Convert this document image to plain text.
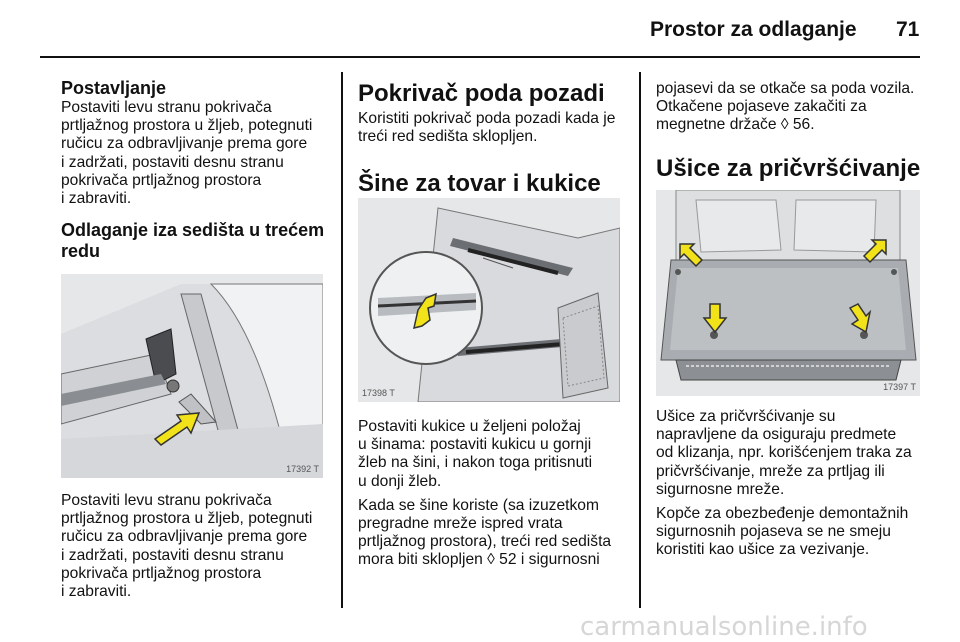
Prostor za odlaganje 71

Postavljanje

Postaviti levu stranu pokrivača
prtljažnog prostora u žljeb, potegnuti
ručicu za odbravljivanje prema gore
i zadržati, postaviti desnu stranu
pokrivača prtljažnog prostora
i zabraviti.

Odlaganje iza sedišta u trećem redu

17392 T

Postaviti levu stranu pokrivača
prtljažnog prostora u žljeb, potegnuti
ručicu za odbravljivanje prema gore
i zadržati, postaviti desnu stranu
pokrivača prtljažnog prostora
i zabraviti.

Pokrivač poda pozadi

Koristiti pokrivač poda pozadi kada je
treći red sedišta sklopljen.

Šine za tovar i kukice

17398 T

Postaviti kukice u željeni položaj
u šinama: postaviti kukicu u gornji
žleb na šini, i nakon toga pritisnuti
u donji žleb.

Kada se šine koriste (sa izuzetkom
pregradne mreže ispred vrata
prtljažnog prostora), treći red sedišta
mora biti sklopljen ◊ 52 i sigurnosni

pojasevi da se otkače sa poda vozila.
Otkačene pojaseve zakačiti za
megnetne držače ◊ 56.

Ušice za pričvršćivanje

17397 T

Ušice za pričvršćivanje su
napravljene da osiguraju predmete
od klizanja, npr. korišćenjem traka za
pričvršćivanje, mreže za prtljag ili
sigurnosne mreže.

Kopče za obezbeđenje demontažnih
sigurnosnih pojaseva se ne smeju
koristiti kao ušice za vezivanje.

carmanualsonline.info
